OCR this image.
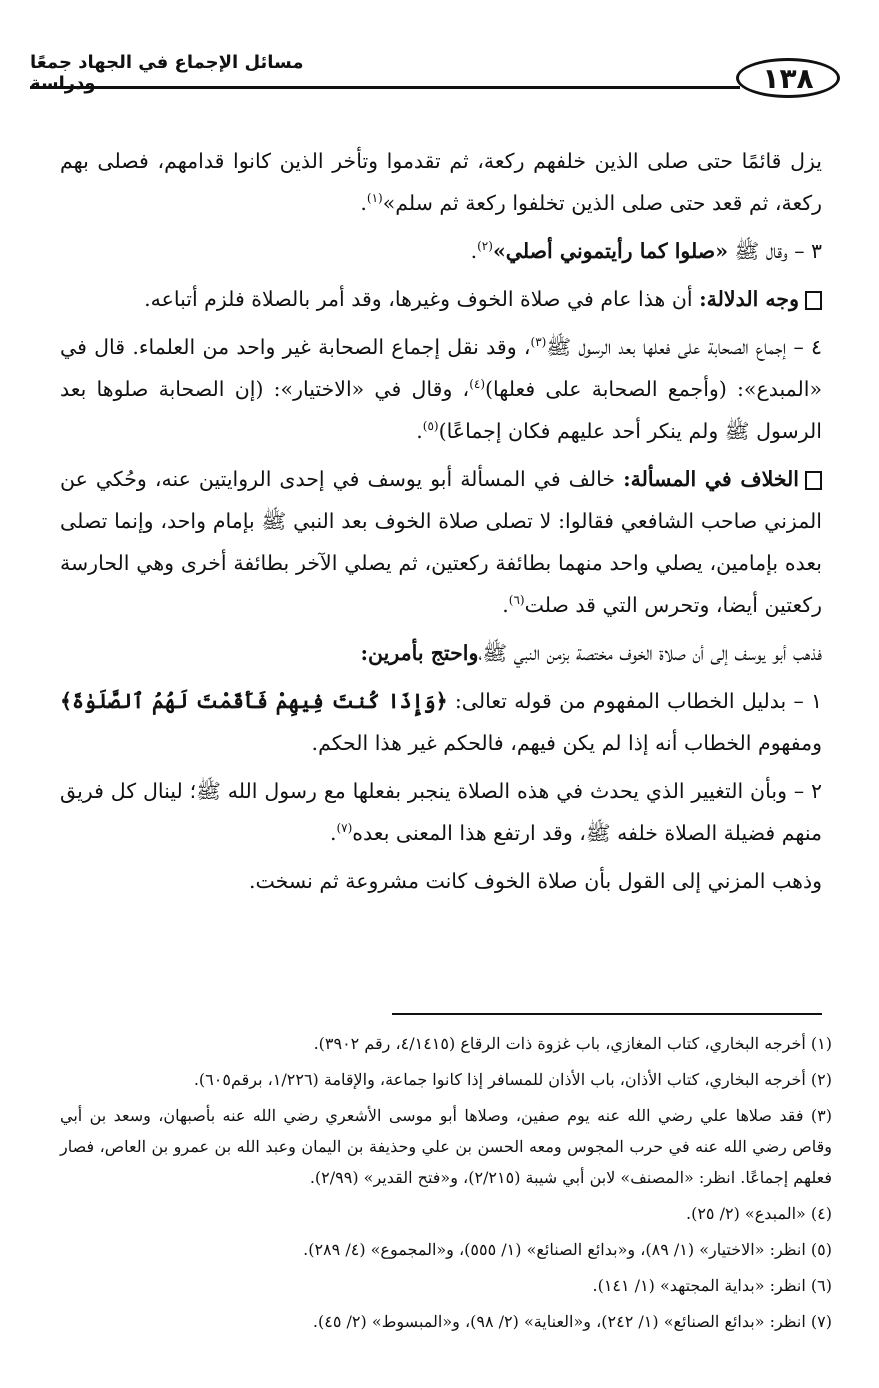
مسائل الإجماع في الجهاد جمعًا ودراسة	١٣٨

يزل قائمًا حتى صلى الذين خلفهم ركعة، ثم تقدموا وتأخر الذين كانوا قدامهم، فصلى بهم ركعة، ثم قعد حتى صلى الذين تخلفوا ركعة ثم سلم»$^{(١)}$.

٣ – وقال ﷺ «صلوا كما رأيتموني أصلي»$^{(٢)}$.

وجه الدلالة: أن هذا عام في صلاة الخوف وغيرها، وقد أمر بالصلاة فلزم أتباعه.

٤ – إجماع الصحابة على فعلها بعد الرسول ﷺ$^{(٣)}$، وقد نقل إجماع الصحابة غير واحد من العلماء. قال في «المبدع»: (وأجمع الصحابة على فعلها)$^{(٤)}$، وقال في «الاختيار»: (إن الصحابة صلوها بعد الرسول ﷺ ولم ينكر أحد عليهم فكان إجماعًا)$^{(٥)}$.

الخلاف في المسألة: خالف في المسألة أبو يوسف في إحدى الروايتين عنه، وحُكي عن المزني صاحب الشافعي فقالوا: لا تصلى صلاة الخوف بعد النبي ﷺ بإمام واحد، وإنما تصلى بعده بإمامين، يصلي واحد منهما بطائفة ركعتين، ثم يصلي الآخر بطائفة أخرى وهي الحارسة ركعتين أيضا، وتحرس التي قد صلت$^{(٦)}$.

فذهب أبو يوسف إلى أن صلاة الخوف مختصة بزمن النبي ﷺ،واحتج بأمرين:

١ – بدليل الخطاب المفهوم من قوله تعالى: ﴿وَإِذَا كُنتَ فِيهِمْ فَأَقَمْتَ لَهُمُ ٱلصَّلَوٰةَ﴾ومفهوم الخطاب أنه إذا لم يكن فيهم، فالحكم غير هذا الحكم.

٢ – وبأن التغيير الذي يحدث في هذه الصلاة ينجبر بفعلها مع رسول الله ﷺ؛ لينال كل فريق منهم فضيلة الصلاة خلفه ﷺ، وقد ارتفع هذا المعنى بعده$^{(٧)}$.

وذهب المزني إلى القول بأن صلاة الخوف كانت مشروعة ثم نسخت.

(١) أخرجه البخاري، كتاب المغازي، باب غزوة ذات الرقاع (٤/١٤١٥، رقم ٣٩٠٢).

(٢) أخرجه البخاري، كتاب الأذان، باب الأذان للمسافر إذا كانوا جماعة، والإقامة (١/٢٢٦، برقم٦٠٥).

(٣) فقد صلاها علي رضي الله عنه يوم صفين، وصلاها أبو موسى الأشعري رضي الله عنه بأصبهان، وسعد بن أبي وقاص رضي الله عنه في حرب المجوس ومعه الحسن بن علي وحذيفة بن اليمان وعبد الله بن عمرو بن العاص، فصار فعلهم إجماعًا. انظر: «المصنف» لابن أبي شيبة (٢/٢١٥)، و«فتح القدير» (٢/٩٩).

(٤) «المبدع» (٢/ ٢٥).

(٥) انظر: «الاختيار» (١/ ٨٩)، و«بدائع الصنائع» (١/ ٥٥٥)، و«المجموع» (٤/ ٢٨٩).

(٦) انظر: «بداية المجتهد» (١/ ١٤١).

(٧) انظر: «بدائع الصنائع» (١/ ٢٤٢)، و«العناية» (٢/ ٩٨)، و«المبسوط» (٢/ ٤٥).
